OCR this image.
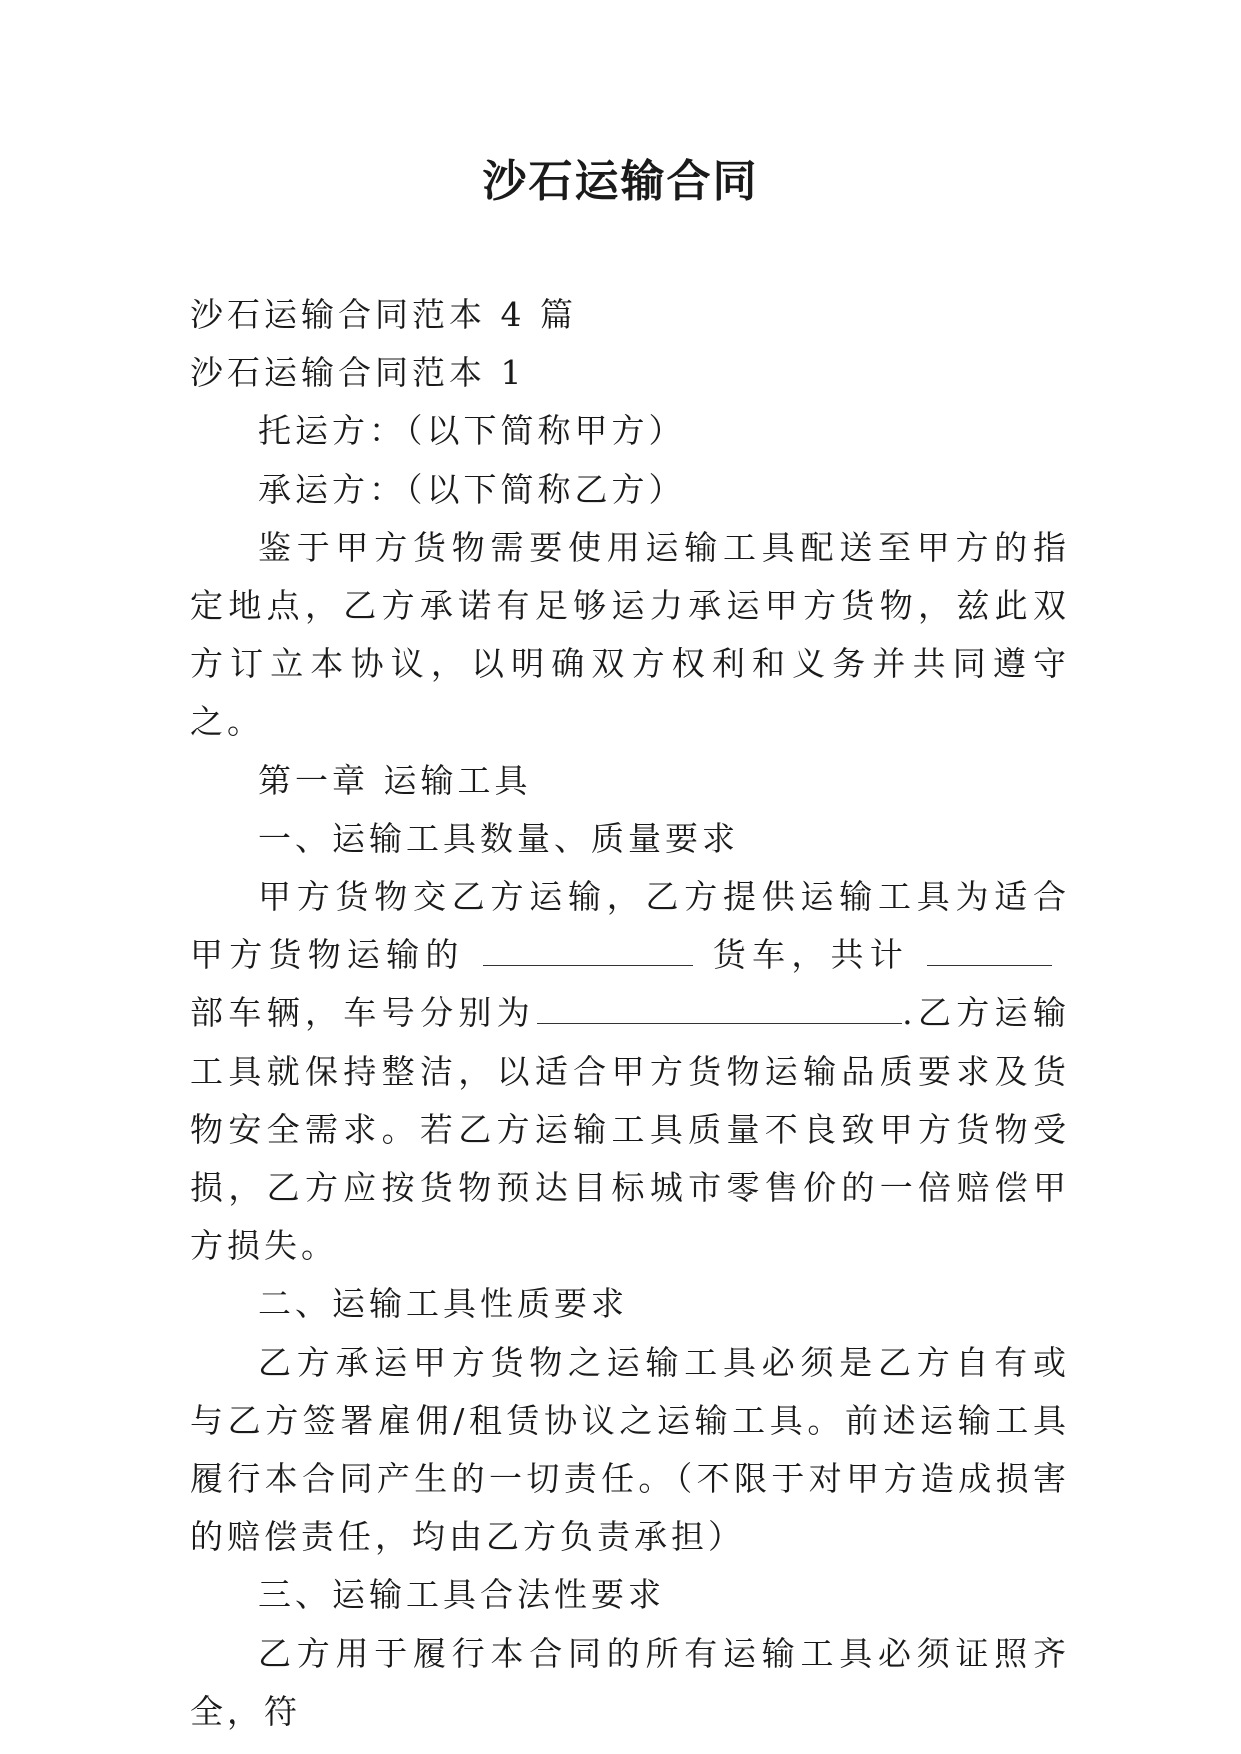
沙石运输合同

沙石运输合同范本 4 篇

沙石运输合同范本 1

托运方：（以下简称甲方）

承运方：（以下简称乙方）

鉴于甲方货物需要使用运输工具配送至甲方的指定地点，乙方承诺有足够运力承运甲方货物，兹此双方订立本协议，以明确双方权利和义务并共同遵守之。

第一章 运输工具

一、运输工具数量、质量要求

甲方货物交乙方运输，乙方提供运输工具为适合甲方货物运输的	货车，共计部车辆，车号分别为	.乙方运输工具就保持整洁，以适合甲方货物运输品质要求及货物安全需求。若乙方运输工具质量不良致甲方货物受损，乙方应按货物预达目标城市零售价的一倍赔偿甲方损失。

二、运输工具性质要求

乙方承运甲方货物之运输工具必须是乙方自有或与乙方签署雇佣/租赁协议之运输工具。前述运输工具履行本合同产生的一切责任。（不限于对甲方造成损害的赔偿责任，均由乙方负责承担）

三、运输工具合法性要求

乙方用于履行本合同的所有运输工具必须证照齐全，符
